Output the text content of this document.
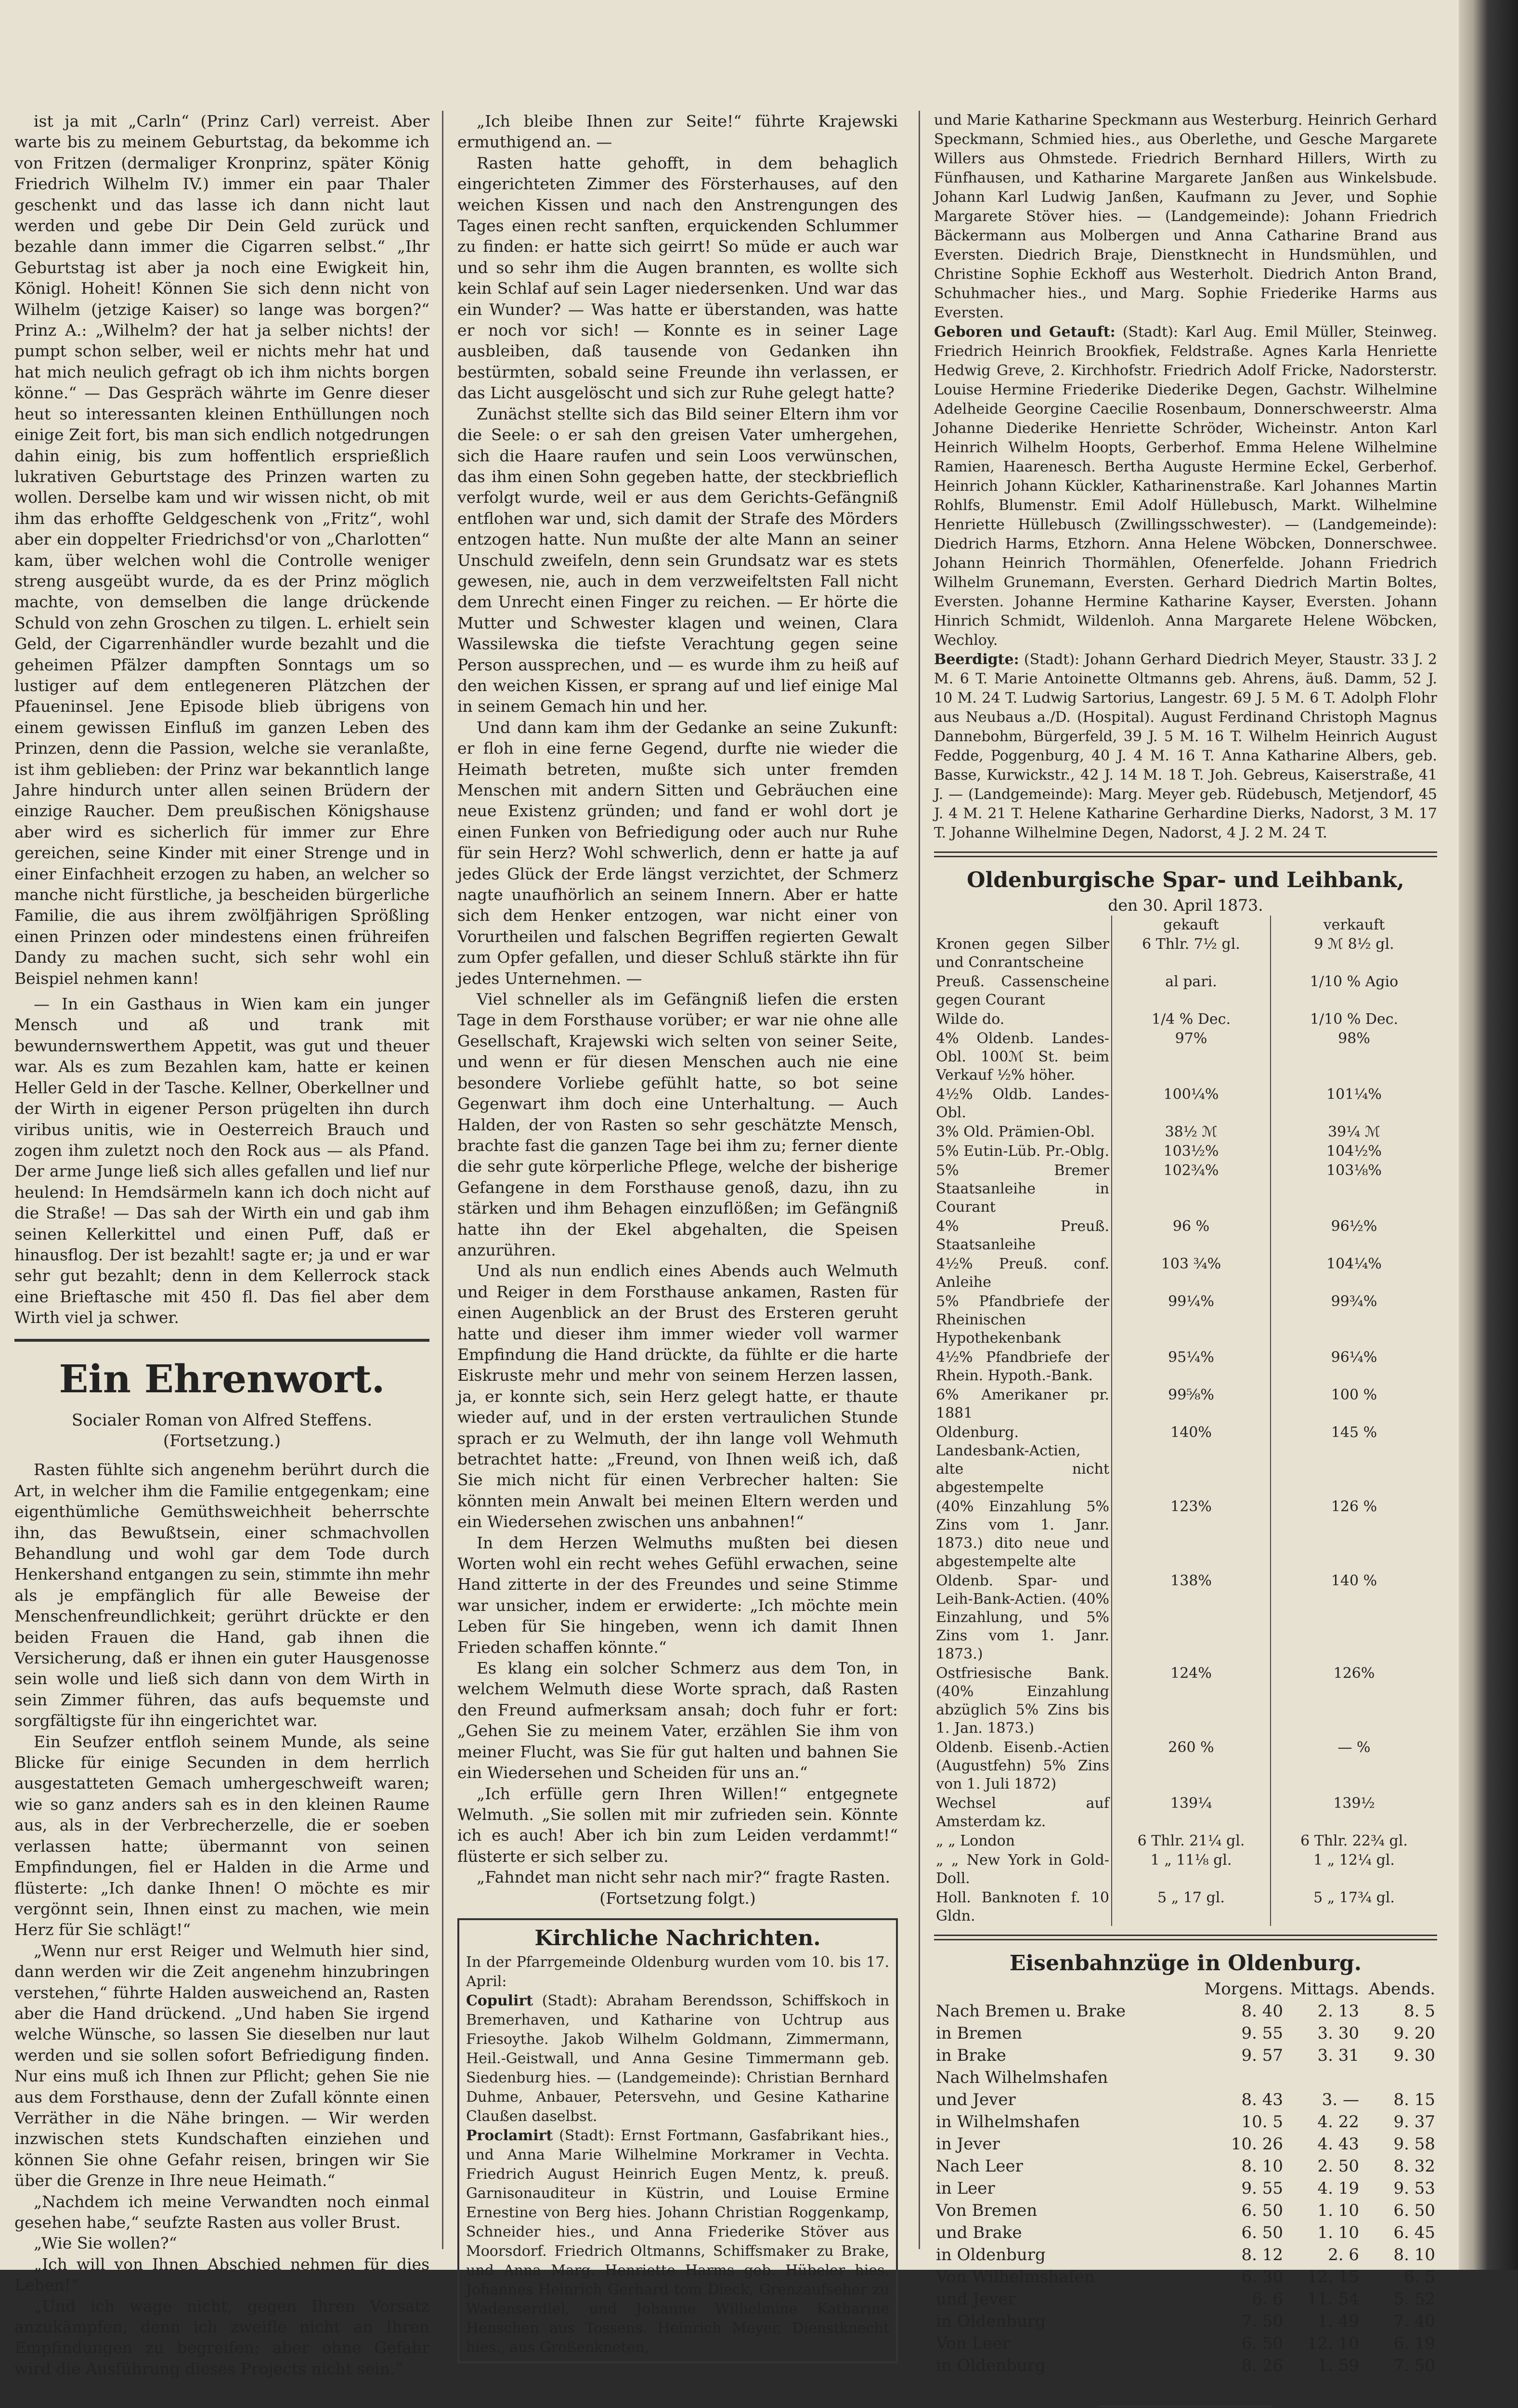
ist ja mit „Carln“ (Prinz Carl) verreist. Aber warte bis zu meinem Geburtstag, da bekomme ich von Fritzen (dermaliger Kronprinz, später König Friedrich Wilhelm IV.) immer ein paar Thaler geschenkt und das lasse ich dann nicht laut werden und gebe Dir Dein Geld zurück und bezahle dann immer die Cigarren selbst.“ „Ihr Geburtstag ist aber ja noch eine Ewigkeit hin, Königl. Hoheit! Können Sie sich denn nicht von Wilhelm (jetzige Kaiser) so lange was borgen?“ Prinz A.: „Wilhelm? der hat ja selber nichts! der pumpt schon selber, weil er nichts mehr hat und hat mich neulich gefragt ob ich ihm nichts borgen könne.“ — Das Gespräch währte im Genre dieser heut so interessanten kleinen Enthüllungen noch einige Zeit fort, bis man sich endlich notgedrungen dahin einig, bis zum hoffentlich ersprießlich lukrativen Geburtstage des Prinzen warten zu wollen. Derselbe kam und wir wissen nicht, ob mit ihm das erhoffte Geldgeschenk von „Fritz“, wohl aber ein doppelter Friedrichsd'or von „Charlotten“ kam, über welchen wohl die Controlle weniger streng ausgeübt wurde, da es der Prinz möglich machte, von demselben die lange drückende Schuld von zehn Groschen zu tilgen. L. erhielt sein Geld, der Cigarrenhändler wurde bezahlt und die geheimen Pfälzer dampften Sonntags um so lustiger auf dem entlegeneren Plätzchen der Pfaueninsel. Jene Episode blieb übrigens von einem gewissen Einfluß im ganzen Leben des Prinzen, denn die Passion, welche sie veranlaßte, ist ihm geblieben: der Prinz war bekanntlich lange Jahre hindurch unter allen seinen Brüdern der einzige Raucher. Dem preußischen Königshause aber wird es sicherlich für immer zur Ehre gereichen, seine Kinder mit einer Strenge und in einer Einfachheit erzogen zu haben, an welcher so manche nicht fürstliche, ja bescheiden bürgerliche Familie, die aus ihrem zwölfjährigen Sprößling einen Prinzen oder mindestens einen frühreifen Dandy zu machen sucht, sich sehr wohl ein Beispiel nehmen kann!

— In ein Gasthaus in Wien kam ein junger Mensch und aß und trank mit bewundernswerthem Appetit, was gut und theuer war. Als es zum Bezahlen kam, hatte er keinen Heller Geld in der Tasche. Kellner, Oberkellner und der Wirth in eigener Person prügelten ihn durch viribus unitis, wie in Oesterreich Brauch und zogen ihm zuletzt noch den Rock aus — als Pfand. Der arme Junge ließ sich alles gefallen und lief nur heulend: In Hemdsärmeln kann ich doch nicht auf die Straße! — Das sah der Wirth ein und gab ihm seinen Kellerkittel und einen Puff, daß er hinausflog. Der ist bezahlt! sagte er; ja und er war sehr gut bezahlt; denn in dem Kellerrock stack eine Brieftasche mit 450 fl. Das fiel aber dem Wirth viel ja schwer.

Ein Ehrenwort.
Socialer Roman von Alfred Steffens.
(Fortsetzung.)

Rasten fühlte sich angenehm berührt durch die Art, in welcher ihm die Familie entgegenkam; eine eigenthümliche Gemüthsweichheit beherrschte ihn, das Bewußtsein, einer schmachvollen Behandlung und wohl gar dem Tode durch Henkershand entgangen zu sein, stimmte ihn mehr als je empfänglich für alle Beweise der Menschenfreundlichkeit; gerührt drückte er den beiden Frauen die Hand, gab ihnen die Versicherung, daß er ihnen ein guter Hausgenosse sein wolle und ließ sich dann von dem Wirth in sein Zimmer führen, das aufs bequemste und sorgfältigste für ihn eingerichtet war.

Ein Seufzer entfloh seinem Munde, als seine Blicke für einige Secunden in dem herrlich ausgestatteten Gemach umhergeschweift waren; wie so ganz anders sah es in den kleinen Raume aus, als in der Verbrecherzelle, die er soeben verlassen hatte; übermannt von seinen Empfindungen, fiel er Halden in die Arme und flüsterte: „Ich danke Ihnen! O möchte es mir vergönnt sein, Ihnen einst zu machen, wie mein Herz für Sie schlägt!“

„Wenn nur erst Reiger und Welmuth hier sind, dann werden wir die Zeit angenehm hinzubringen verstehen,“ führte Halden ausweichend an, Rasten aber die Hand drückend. „Und haben Sie irgend welche Wünsche, so lassen Sie dieselben nur laut werden und sie sollen sofort Befriedigung finden. Nur eins muß ich Ihnen zur Pflicht; gehen Sie nie aus dem Forsthause, denn der Zufall könnte einen Verräther in die Nähe bringen. — Wir werden inzwischen stets Kundschaften einziehen und können Sie ohne Gefahr reisen, bringen wir Sie über die Grenze in Ihre neue Heimath.“

„Nachdem ich meine Verwandten noch einmal gesehen habe,“ seufzte Rasten aus voller Brust.

„Wie Sie wollen?“

„Ich will von Ihnen Abschied nehmen für dies Leben!“

„Und ich wage nicht, gegen Ihren Vorsatz anzukämpfen, denn ich zweifle nicht an Ihren Empfindungen zu begreifen; aber ohne Gefahr wird die Ausführung dieses Projects nicht sein.“

„Ich bleibe Ihnen zur Seite!“ führte Krajewski ermuthigend an. —

Rasten hatte gehofft, in dem behaglich eingerichteten Zimmer des Försterhauses, auf den weichen Kissen und nach den Anstrengungen des Tages einen recht sanften, erquickenden Schlummer zu finden: er hatte sich geirrt! So müde er auch war und so sehr ihm die Augen brannten, es wollte sich kein Schlaf auf sein Lager niedersenken. Und war das ein Wunder? — Was hatte er überstanden, was hatte er noch vor sich! — Konnte es in seiner Lage ausbleiben, daß tausende von Gedanken ihn bestürmten, sobald seine Freunde ihn verlassen, er das Licht ausgelöscht und sich zur Ruhe gelegt hatte?

Zunächst stellte sich das Bild seiner Eltern ihm vor die Seele: o er sah den greisen Vater umhergehen, sich die Haare raufen und sein Loos verwünschen, das ihm einen Sohn gegeben hatte, der steckbrieflich verfolgt wurde, weil er aus dem Gerichts-Gefängniß entflohen war und, sich damit der Strafe des Mörders entzogen hatte. Nun mußte der alte Mann an seiner Unschuld zweifeln, denn sein Grundsatz war es stets gewesen, nie, auch in dem verzweifeltsten Fall nicht dem Unrecht einen Finger zu reichen. — Er hörte die Mutter und Schwester klagen und weinen, Clara Wassilewska die tiefste Verachtung gegen seine Person aussprechen, und — es wurde ihm zu heiß auf den weichen Kissen, er sprang auf und lief einige Mal in seinem Gemach hin und her.

Und dann kam ihm der Gedanke an seine Zukunft: er floh in eine ferne Gegend, durfte nie wieder die Heimath betreten, mußte sich unter fremden Menschen mit andern Sitten und Gebräuchen eine neue Existenz gründen; und fand er wohl dort je einen Funken von Befriedigung oder auch nur Ruhe für sein Herz? Wohl schwerlich, denn er hatte ja auf jedes Glück der Erde längst verzichtet, der Schmerz nagte unaufhörlich an seinem Innern. Aber er hatte sich dem Henker entzogen, war nicht einer von Vorurtheilen und falschen Begriffen regierten Gewalt zum Opfer gefallen, und dieser Schluß stärkte ihn für jedes Unternehmen. —

Viel schneller als im Gefängniß liefen die ersten Tage in dem Forsthause vorüber; er war nie ohne alle Gesellschaft, Krajewski wich selten von seiner Seite, und wenn er für diesen Menschen auch nie eine besondere Vorliebe gefühlt hatte, so bot seine Gegenwart ihm doch eine Unterhaltung. — Auch Halden, der von Rasten so sehr geschätzte Mensch, brachte fast die ganzen Tage bei ihm zu; ferner diente die sehr gute körperliche Pflege, welche der bisherige Gefangene in dem Forsthause genoß, dazu, ihn zu stärken und ihm Behagen einzuflößen; im Gefängniß hatte ihn der Ekel abgehalten, die Speisen anzurühren.

Und als nun endlich eines Abends auch Welmuth und Reiger in dem Forsthause ankamen, Rasten für einen Augenblick an der Brust des Ersteren geruht hatte und dieser ihm immer wieder voll warmer Empfindung die Hand drückte, da fühlte er die harte Eiskruste mehr und mehr von seinem Herzen lassen, ja, er konnte sich, sein Herz gelegt hatte, er thaute wieder auf, und in der ersten vertraulichen Stunde sprach er zu Welmuth, der ihn lange voll Wehmuth betrachtet hatte: „Freund, von Ihnen weiß ich, daß Sie mich nicht für einen Verbrecher halten: Sie könnten mein Anwalt bei meinen Eltern werden und ein Wiedersehen zwischen uns anbahnen!“

In dem Herzen Welmuths mußten bei diesen Worten wohl ein recht wehes Gefühl erwachen, seine Hand zitterte in der des Freundes und seine Stimme war unsicher, indem er erwiderte: „Ich möchte mein Leben für Sie hingeben, wenn ich damit Ihnen Frieden schaffen könnte.“

Es klang ein solcher Schmerz aus dem Ton, in welchem Welmuth diese Worte sprach, daß Rasten den Freund aufmerksam ansah; doch fuhr er fort: „Gehen Sie zu meinem Vater, erzählen Sie ihm von meiner Flucht, was Sie für gut halten und bahnen Sie ein Wiedersehen und Scheiden für uns an.“

„Ich erfülle gern Ihren Willen!“ entgegnete Welmuth. „Sie sollen mit mir zufrieden sein. Könnte ich es auch! Aber ich bin zum Leiden verdammt!“ flüsterte er sich selber zu.

„Fahndet man nicht sehr nach mir?“ fragte Rasten.

(Fortsetzung folgt.)

Kirchliche Nachrichten.
In der Pfarrgemeinde Oldenburg wurden vom 10. bis 17. April:
Copulirt (Stadt): Abraham Berendsson, Schiffskoch in Bremerhaven, und Katharine von Uchtrup aus Friesoythe. Jakob Wilhelm Goldmann, Zimmermann, Heil.-Geistwall, und Anna Gesine Timmermann geb. Siedenburg hies. — (Landgemeinde): Christian Bernhard Duhme, Anbauer, Petersvehn, und Gesine Katharine Claußen daselbst.
Proclamirt (Stadt): Ernst Fortmann, Gasfabrikant hies., und Anna Marie Wilhelmine Morkramer in Vechta. Friedrich August Heinrich Eugen Mentz, k. preuß. Garnisonauditeur in Küstrin, und Louise Ermine Ernestine von Berg hies. Johann Christian Roggenkamp, Schneider hies., und Anna Friederike Stöver aus Moorsdorf. Friedrich Oltmanns, Schiffsmaker zu Brake, und Anna Marg. Henriette Harms geb. Hübeler hies. Johannes Heinrich Gerhard tom Dieck, Grenzaufseher zu Wadenserdiel, und Johanne Wilhelmine Katharine Henschen aus Tossens. Heinrich Meyer, Dienstknecht hies., aus Großenkneten,
und Marie Katharine Speckmann aus Westerburg. Heinrich Gerhard Speckmann, Schmied hies., aus Oberlethe, und Gesche Margarete Willers aus Ohmstede. Friedrich Bernhard Hillers, Wirth zu Fünfhausen, und Katharine Margarete Janßen aus Winkelsbude. Johann Karl Ludwig Janßen, Kaufmann zu Jever, und Sophie Margarete Stöver hies. — (Landgemeinde): Johann Friedrich Bäckermann aus Molbergen und Anna Catharine Brand aus Eversten. Diedrich Braje, Dienstknecht in Hundsmühlen, und Christine Sophie Eckhoff aus Westerholt. Diedrich Anton Brand, Schuhmacher hies., und Marg. Sophie Friederike Harms aus Eversten.
Geboren und Getauft: (Stadt): Karl Aug. Emil Müller, Steinweg. Friedrich Heinrich Brookfiek, Feldstraße. Agnes Karla Henriette Hedwig Greve, 2. Kirchhofstr. Friedrich Adolf Fricke, Nadorsterstr. Louise Hermine Friederike Diederike Degen, Gachstr. Wilhelmine Adelheide Georgine Caecilie Rosenbaum, Donnerschweerstr. Alma Johanne Diederike Henriette Schröder, Wicheinstr. Anton Karl Heinrich Wilhelm Hoopts, Gerberhof. Emma Helene Wilhelmine Ramien, Haarenesch. Bertha Auguste Hermine Eckel, Gerberhof. Heinrich Johann Kückler, Katharinenstraße. Karl Johannes Martin Rohlfs, Blumenstr. Emil Adolf Hüllebusch, Markt. Wilhelmine Henriette Hüllebusch (Zwillingsschwester). — (Landgemeinde): Diedrich Harms, Etzhorn. Anna Helene Wöbcken, Donnerschwee. Johann Heinrich Thormählen, Ofenerfelde. Johann Friedrich Wilhelm Grunemann, Eversten. Gerhard Diedrich Martin Boltes, Eversten. Johanne Hermine Katharine Kayser, Eversten. Johann Hinrich Schmidt, Wildenloh. Anna Margarete Helene Wöbcken, Wechloy.
Beerdigte: (Stadt): Johann Gerhard Diedrich Meyer, Staustr. 33 J. 2 M. 6 T. Marie Antoinette Oltmanns geb. Ahrens, äuß. Damm, 52 J. 10 M. 24 T. Ludwig Sartorius, Langestr. 69 J. 5 M. 6 T. Adolph Flohr aus Neubaus a./D. (Hospital). August Ferdinand Christoph Magnus Dannebohm, Bürgerfeld, 39 J. 5 M. 16 T. Wilhelm Heinrich August Fedde, Poggenburg, 40 J. 4 M. 16 T. Anna Katharine Albers, geb. Basse, Kurwickstr., 42 J. 14 M. 18 T. Joh. Gebreus, Kaiserstraße, 41 J. — (Landgemeinde): Marg. Meyer geb. Rüdebusch, Metjendorf, 45 J. 4 M. 21 T. Helene Katharine Gerhardine Dierks, Nadorst, 3 M. 17 T. Johanne Wilhelmine Degen, Nadorst, 4 J. 2 M. 24 T.
Oldenburgische Spar- und Leihbank,
den 30. April 1873.
	gekauft	verkauft
Kronen gegen Silber und Conrantscheine	6 Thlr. 7½ gl.	9 ℳ 8½ gl.
Preuß. Cassenscheine gegen Courant	al pari.	1/10 % Agio
Wilde do.	1/4 % Dec.	1/10 % Dec.
4% Oldenb. Landes-Obl. 100ℳ St. beim Verkauf ½% höher.	97%	98%
4½% Oldb. Landes-Obl.	100¼%	101¼%
3% Old. Prämien-Obl.	38½ ℳ	39¼ ℳ
5% Eutin-Lüb. Pr.-Oblg.	103½%	104½%
5% Bremer Staatsanleihe in Courant	102¾%	103⅛%
4% Preuß. Staatsanleihe	96 %	96½%
4½% Preuß. conf. Anleihe	103 ¾%	104¼%
5% Pfandbriefe der Rheinischen Hypothekenbank	99¼%	99¾%
4½% Pfandbriefe der Rhein. Hypoth.-Bank.	95¼%	96¼%
6% Amerikaner pr. 1881	99⅝%	100 %
Oldenburg. Landesbank-Actien, alte nicht abgestempelte	140%	145 %
(40% Einzahlung 5% Zins vom 1. Janr. 1873.) dito neue und abgestempelte alte	123%	126 %
Oldenb. Spar- und Leih-Bank-Actien. (40% Einzahlung, und 5% Zins vom 1. Janr. 1873.)	138%	140 %
Ostfriesische Bank. (40% Einzahlung abzüglich 5% Zins bis 1. Jan. 1873.)	124%	126%
Oldenb. Eisenb.-Actien (Augustfehn) 5% Zins von 1. Juli 1872)	260 %	— %
Wechsel auf Amsterdam kz.	139¼	139½
„ „ London	6 Thlr. 21¼ gl.	6 Thlr. 22¾ gl.
„ „ New York in Gold-Doll.	1 „ 11⅛ gl.	1 „ 12¼ gl.
Holl. Banknoten f. 10 Gldn.	5 „ 17 gl.	5 „ 17¾ gl.
Eisenbahnzüge in Oldenburg.
	Morgens.	Mittags.	Abends.
Nach Bremen u. Brake	8. 40	2. 13	8. 5
in Bremen	9. 55	3. 30	9. 20
in Brake	9. 57	3. 31	9. 30
Nach Wilhelmshafen			
und Jever	8. 43	3. —	8. 15
in Wilhelmshafen	10. 5	4. 22	9. 37
in Jever	10. 26	4. 43	9. 58
Nach Leer	8. 10	2. 50	8. 32
in Leer	9. 55	4. 19	9. 53
Von Bremen	6. 50	1. 10	6. 50
und Brake	6. 50	1. 10	6. 45
in Oldenburg	8. 12	2. 6	8. 10
Von Wilhelmshafen	6. 30	12. 15	6. 5
und Jever	6. 6	11. 54	5. 52
in Oldenburg	7. 50	1. 49	7. 40
Von Leer	6. 50	12. 10	6. 19
in Oldenburg	8. 26	1. 59	7. 50
